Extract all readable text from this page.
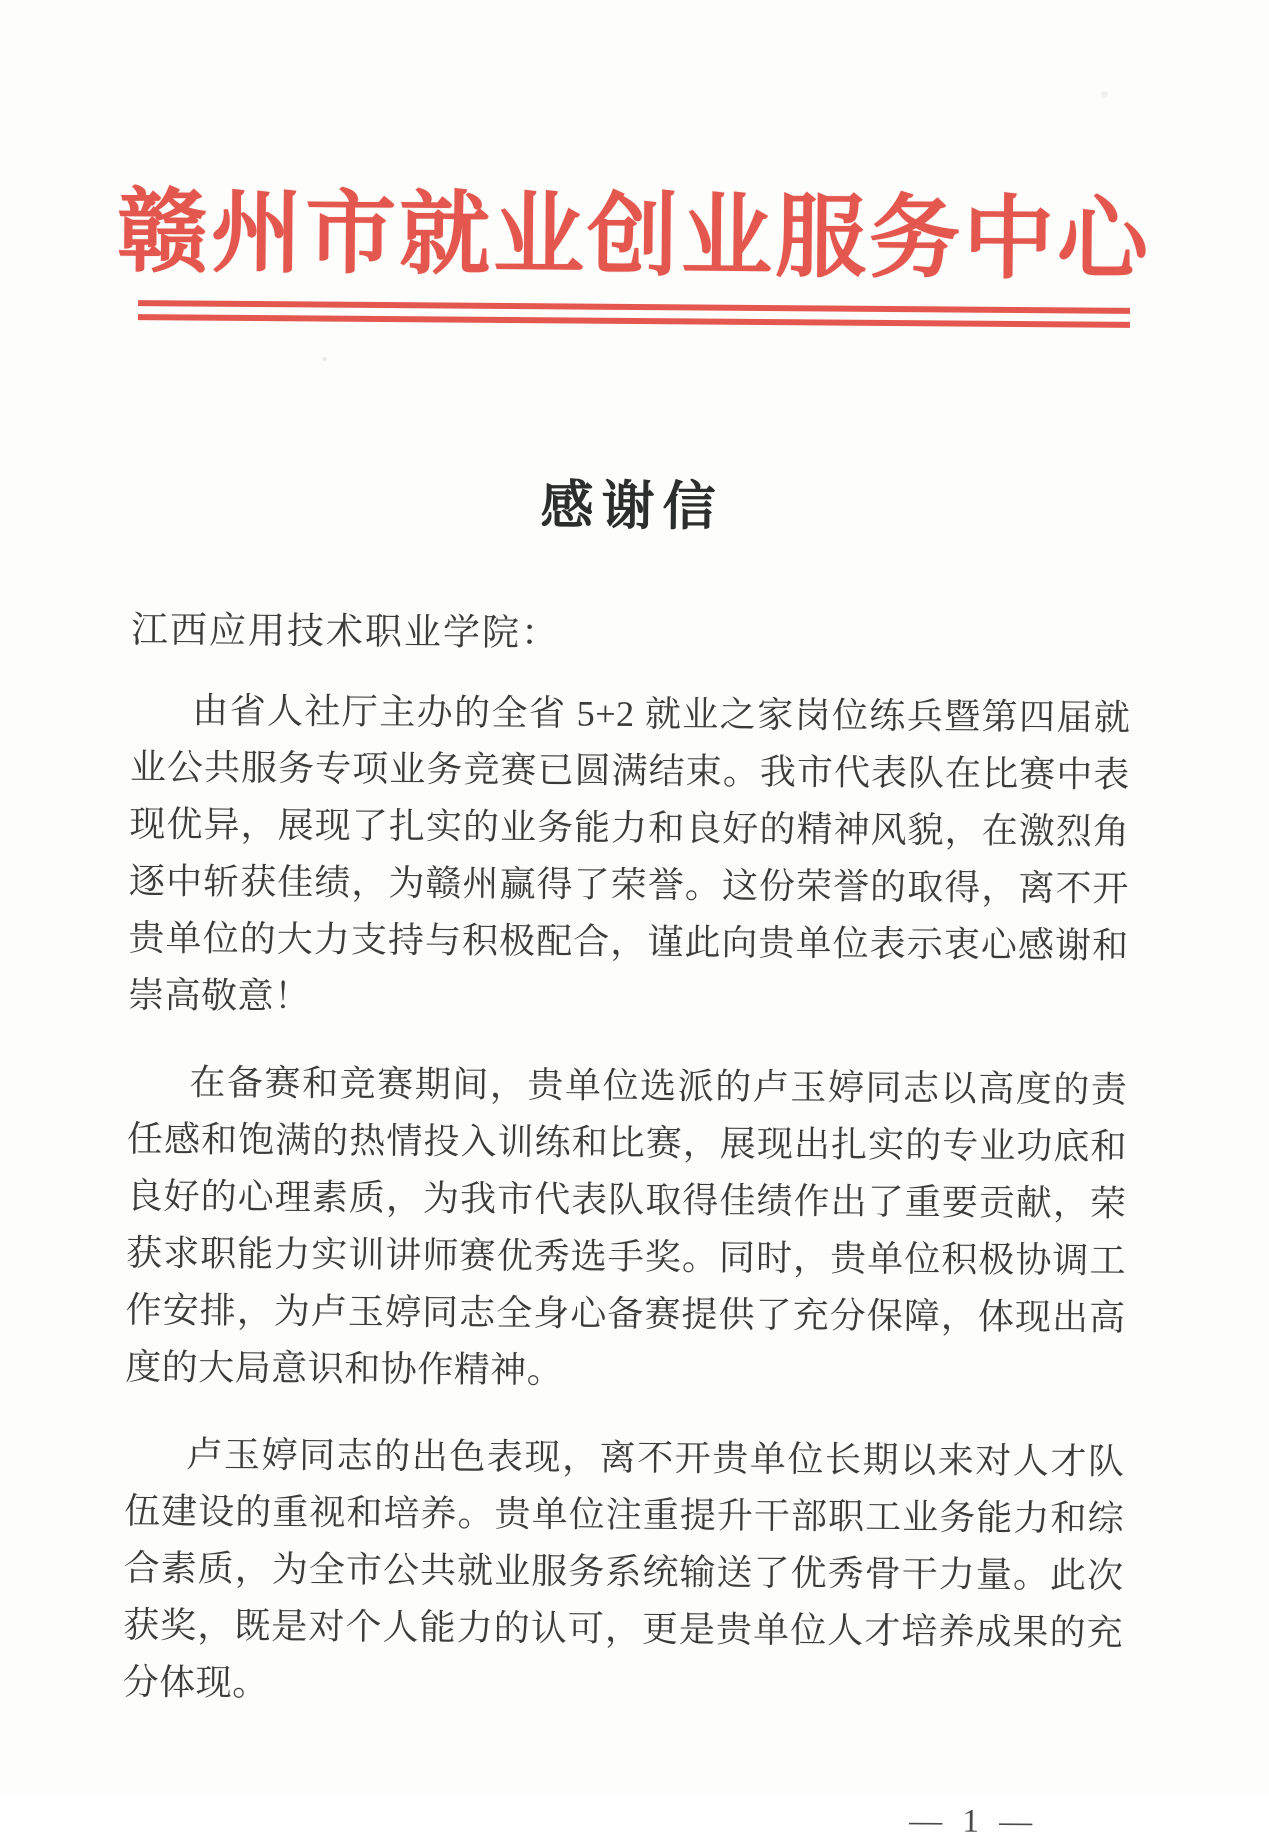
赣州市就业创业服务中心
感谢信

江西应用技术职业学院：

由省人社厅主办的全省 5+2 就业之家岗位练兵暨第四届就业公共服务专项业务竞赛已圆满结束。我市代表队在比赛中表现优异，展现了扎实的业务能力和良好的精神风貌，在激烈角逐中斩获佳绩，为赣州赢得了荣誉。这份荣誉的取得，离不开贵单位的大力支持与积极配合，谨此向贵单位表示衷心感谢和崇高敬意！

在备赛和竞赛期间，贵单位选派的卢玉婷同志以高度的责任感和饱满的热情投入训练和比赛，展现出扎实的专业功底和良好的心理素质，为我市代表队取得佳绩作出了重要贡献，荣获求职能力实训讲师赛优秀选手奖。同时，贵单位积极协调工作安排，为卢玉婷同志全身心备赛提供了充分保障，体现出高度的大局意识和协作精神。

卢玉婷同志的出色表现，离不开贵单位长期以来对人才队伍建设的重视和培养。贵单位注重提升干部职工业务能力和综合素质，为全市公共就业服务系统输送了优秀骨干力量。此次获奖，既是对个人能力的认可，更是贵单位人才培养成果的充分体现。

— 1 —
